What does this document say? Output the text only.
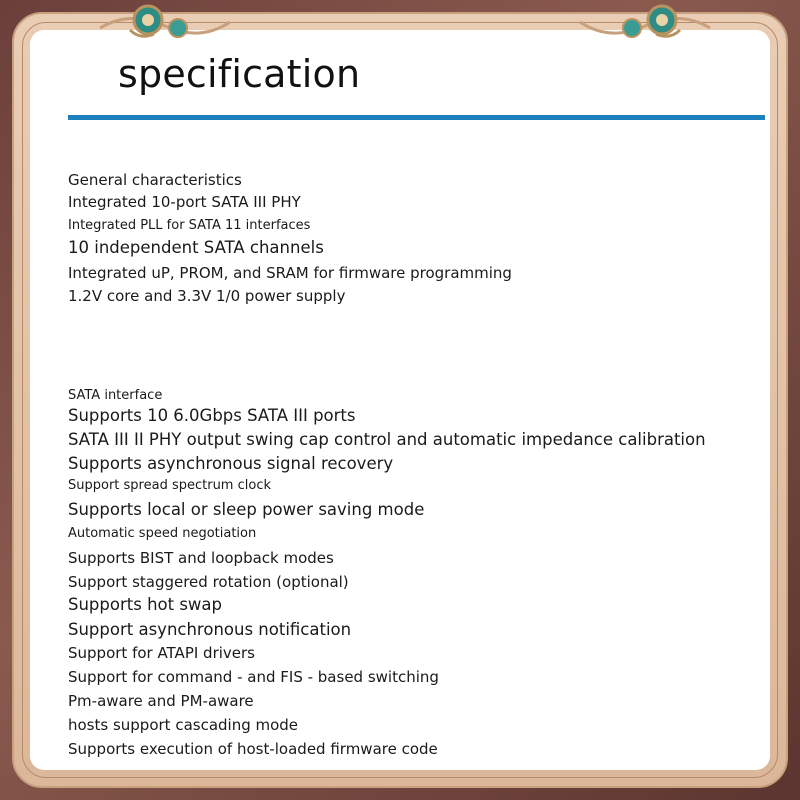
specification
General characteristics
Integrated 10-port SATA III PHY
Integrated PLL for SATA 11 interfaces
10 independent SATA channels
Integrated uP, PROM, and SRAM for firmware programming
1.2V core and 3.3V 1/0 power supply
SATA interface
Supports 10 6.0Gbps SATA III ports
SATA III II PHY output swing cap control and automatic impedance calibration
Supports asynchronous signal recovery
Support spread spectrum clock
Supports local or sleep power saving mode
Automatic speed negotiation
Supports BIST and loopback modes
Support staggered rotation (optional)
Supports hot swap
Support asynchronous notification
Support for ATAPI drivers
Support for command - and FIS - based switching
Pm-aware and PM-aware
hosts support cascading mode
Supports execution of host-loaded firmware code
